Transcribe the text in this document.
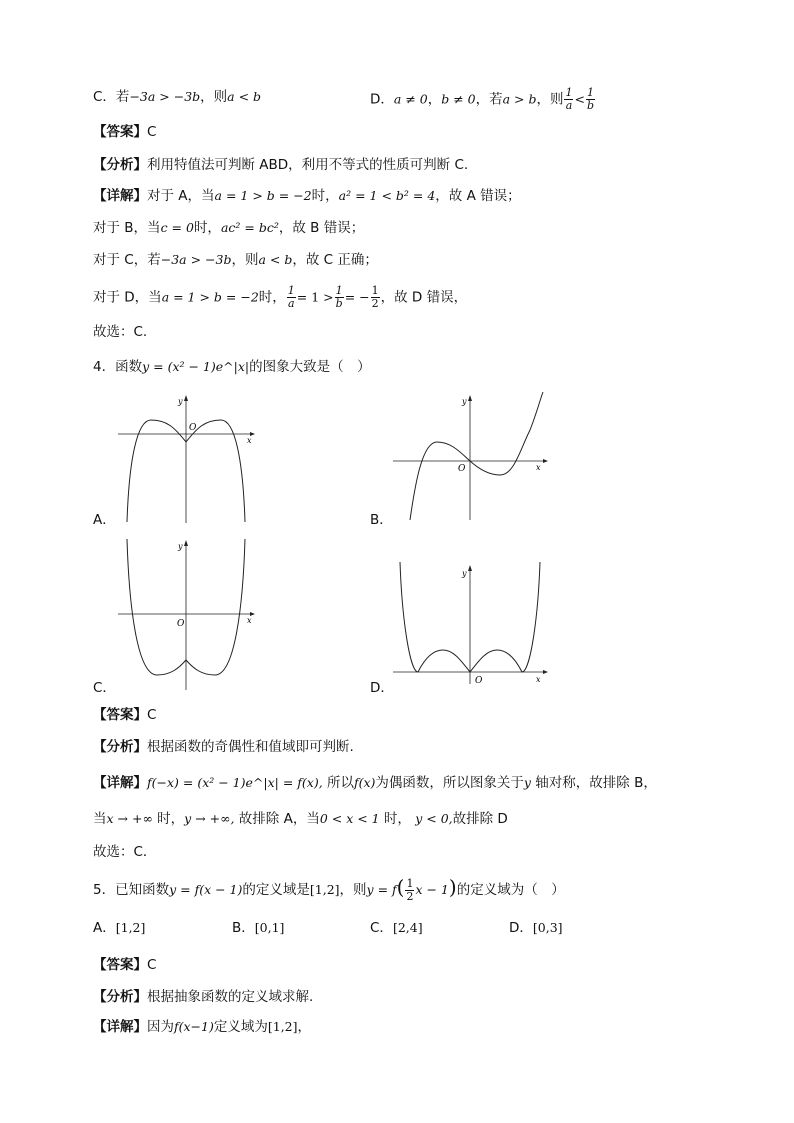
C．若−3a > −3b，则a < b	D．a ≠ 0，b ≠ 0，若a > b，则 $\frac{1}{a} < \frac{1}{b}$
【答案】C
【分析】利用特值法可判断 ABD，利用不等式的性质可判断 C.
【详解】对于 A，当a = 1 > b = −2时，a² = 1 < b² = 4，故 A 错误；
对于 B，当c = 0时，ac² = bc²，故 B 错误；
对于 C，若−3a > −3b，则a < b，故 C 正确；
对于 D，当a = 1 > b = −2时， $\frac{1}{a} = 1 > \frac{1}{b}$ = − $\frac{1}{2}$ ，故 D 错误，
故选：C.
4．函数y = (x² − 1)e^|x|的图象大致是（　）
y
x
O
A．
y
x
O
B．
y
x
O
C．
y
x
O
D．
【答案】C
【分析】根据函数的奇偶性和值域即可判断.
【详解】f(−x) = (x² − 1)e^|x| = f(x), 所以f(x)为偶函数，所以图象关于y 轴对称，故排除 B，
当x → +∞ 时，y → +∞, 故排除 A，当0 < x < 1 时， y < 0,故排除 D
故选：C．
5．已知函数y = f(x − 1)的定义域是[1,2]，则$y = f( \frac{1}{2}$ x − 1)的定义域为（　）
A．[1,2]	B．[0,1]	C．[2,4]	D．[0,3]
【答案】C
【分析】根据抽象函数的定义域求解.
【详解】因为f(x−1)定义域为[1,2]，
